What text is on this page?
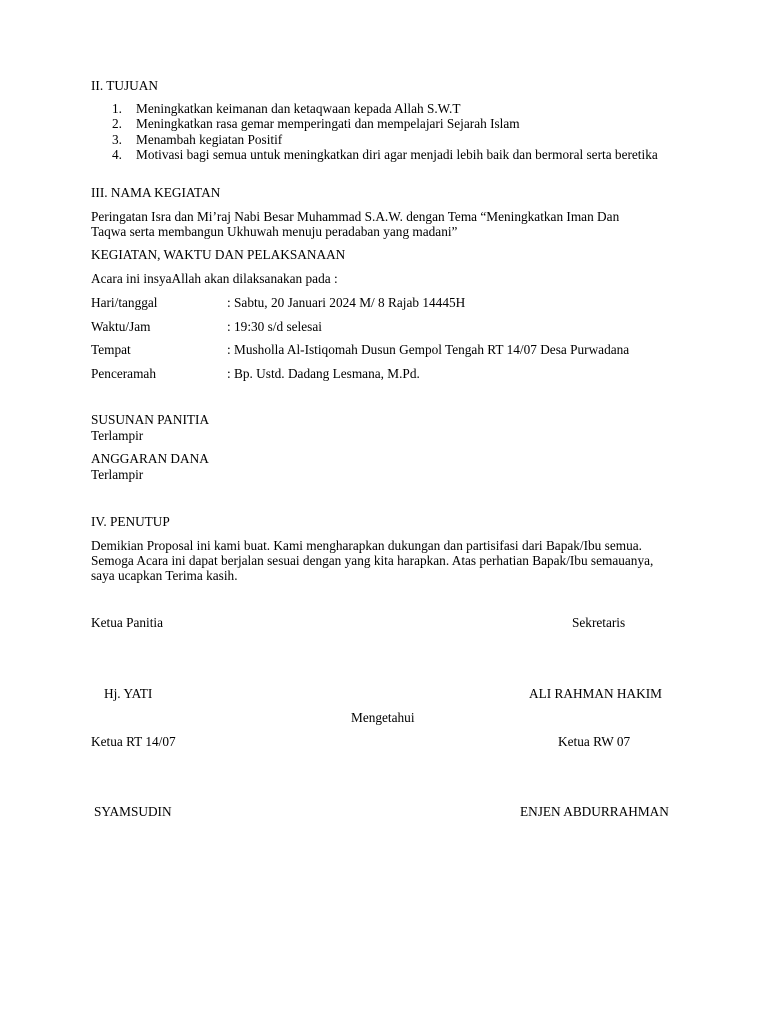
II. TUJUAN
Meningkatkan keimanan dan ketaqwaan kepada Allah S.W.T
Meningkatkan rasa gemar memperingati dan mempelajari Sejarah Islam
Menambah kegiatan Positif
Motivasi bagi semua untuk meningkatkan diri agar menjadi lebih baik dan bermoral serta beretika
III. NAMA KEGIATAN
Peringatan Isra dan Mi’raj Nabi Besar Muhammad S.A.W. dengan Tema “Meningkatkan Iman Dan
Taqwa serta membangun Ukhuwah menuju peradaban yang madani”
KEGIATAN, WAKTU DAN PELAKSANAAN
Acara ini insyaAllah akan dilaksanakan pada :
Hari/tanggal	: Sabtu, 20 Januari 2024 M/ 8 Rajab 14445H
Waktu/Jam	: 19:30 s/d selesai
Tempat	: Musholla Al-Istiqomah Dusun Gempol Tengah RT 14/07 Desa Purwadana
Penceramah	: Bp. Ustd. Dadang Lesmana, M.Pd.
SUSUNAN PANITIA
Terlampir
ANGGARAN DANA
Terlampir
IV. PENUTUP
Demikian Proposal ini kami buat. Kami mengharapkan dukungan dan partisifasi dari Bapak/Ibu semua.
Semoga Acara ini dapat berjalan sesuai dengan yang kita harapkan. Atas perhatian Bapak/Ibu semauanya,
saya ucapkan Terima kasih.
Ketua Panitia	Sekretaris
Hj. YATI	ALI RAHMAN HAKIM
Mengetahui
Ketua RT 14/07	Ketua RW 07
SYAMSUDIN	ENJEN ABDURRAHMAN
